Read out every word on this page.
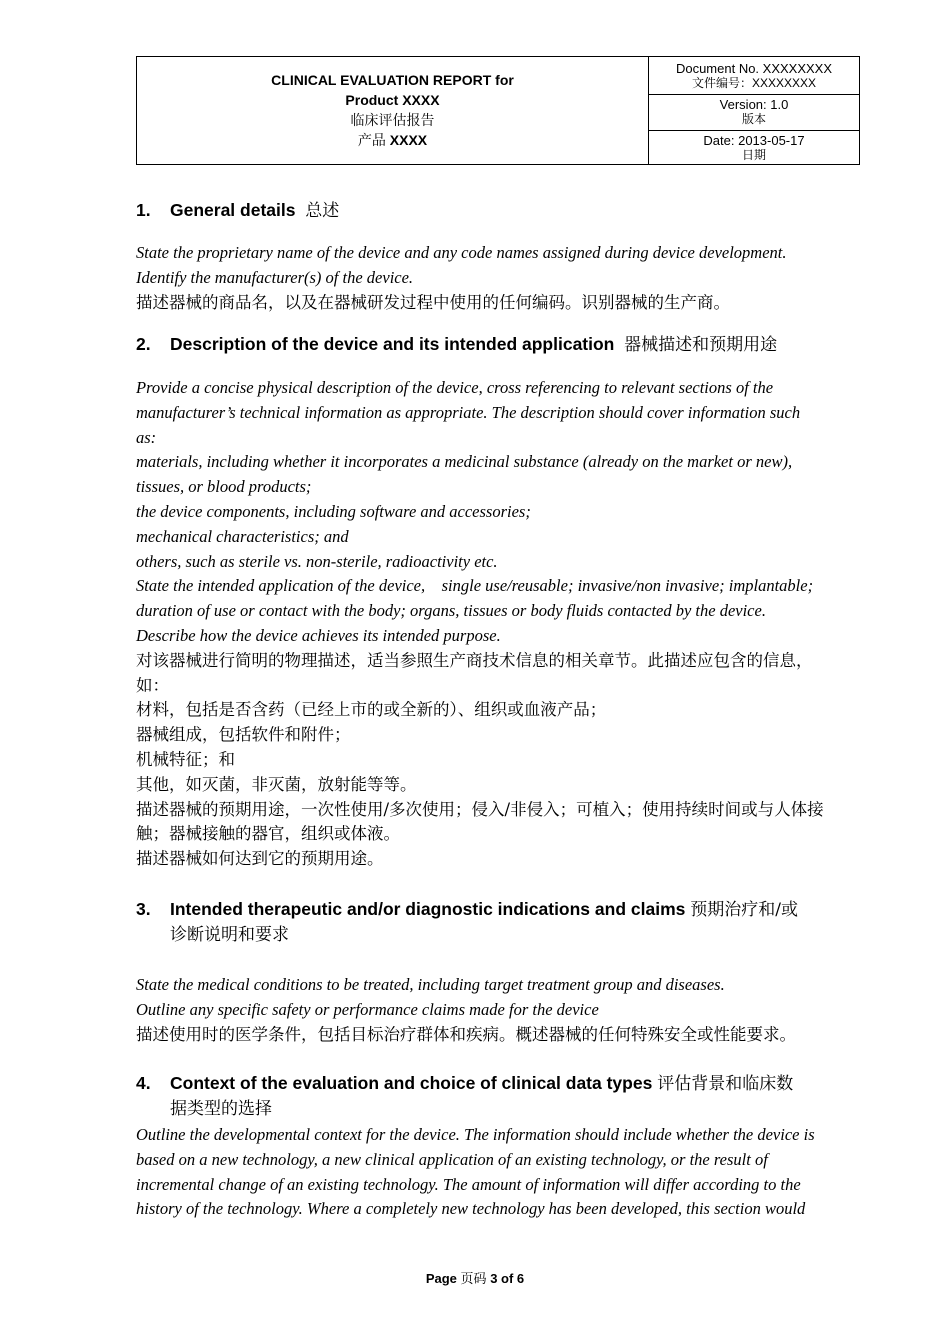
CLINICAL EVALUATION REPORT for
Product XXXX
临床评估报告
产品 XXXX
Document No. XXXXXXXX
文件编号：XXXXXXXX
Version: 1.0
版本
Date: 2013-05-17
日期
1. General details 总述
State the proprietary name of the device and any code names assigned during device development.
Identify the manufacturer(s) of the device.
描述器械的商品名，以及在器械研发过程中使用的任何编码。识别器械的生产商。
2. Description of the device and its intended application 器械描述和预期用途
Provide a concise physical description of the device, cross referencing to relevant sections of the
manufacturer’s technical information as appropriate. The description should cover information such
as:
materials, including whether it incorporates a medicinal substance (already on the market or new),
tissues, or blood products;
the device components, including software and accessories;
mechanical characteristics; and
others, such as sterile vs. non-sterile, radioactivity etc.
State the intended application of the device,    single use/reusable; invasive/non invasive; implantable;
duration of use or contact with the body; organs, tissues or body fluids contacted by the device.
Describe how the device achieves its intended purpose.
对该器械进行简明的物理描述，适当参照生产商技术信息的相关章节。此描述应包含的信息，
如：
材料，包括是否含药（已经上市的或全新的）、组织或血液产品；
器械组成，包括软件和附件；
机械特征；和
其他，如灭菌，非灭菌，放射能等等。
描述器械的预期用途，一次性使用/多次使用；侵入/非侵入；可植入；使用持续时间或与人体接
触；器械接触的器官，组织或体液。
描述器械如何达到它的预期用途。
3. Intended therapeutic and/or diagnostic indications and claims 预期治疗和/或
诊断说明和要求
State the medical conditions to be treated, including target treatment group and diseases.
Outline any specific safety or performance claims made for the device
描述使用时的医学条件，包括目标治疗群体和疾病。概述器械的任何特殊安全或性能要求。
4. Context of the evaluation and choice of clinical data types 评估背景和临床数
据类型的选择
Outline the developmental context for the device. The information should include whether the device is
based on a new technology, a new clinical application of an existing technology, or the result of
incremental change of an existing technology. The amount of information will differ according to the
history of the technology. Where a completely new technology has been developed, this section would
Page 页码 3 of 6
